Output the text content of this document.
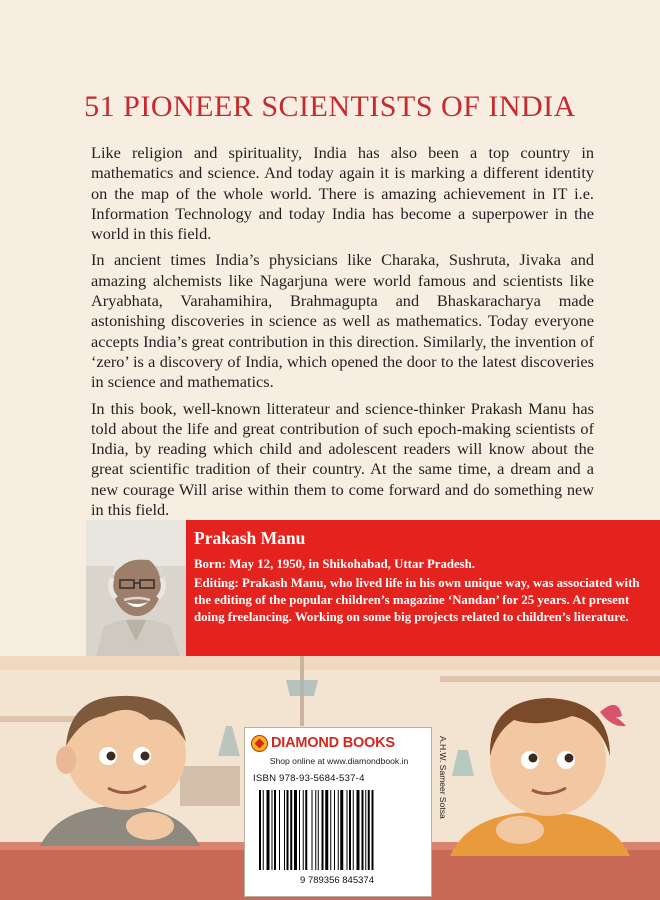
51 PIONEER SCIENTISTS OF INDIA

Like religion and spirituality, India has also been a top country in mathematics and science. And today again it is marking a different identity on the map of the whole world. There is amazing achievement in IT i.e. Information Technology and today India has become a superpower in the world in this field.

In ancient times India’s physicians like Charaka, Sushruta, Jivaka and amazing alchemists like Nagarjuna were world famous and scientists like Aryabhata, Varahamihira, Brahmagupta and Bhaskaracharya made astonishing discoveries in science as well as mathematics. Today everyone accepts India’s great contribution in this direction. Similarly, the invention of ‘zero’ is a discovery of India, which opened the door to the latest discoveries in science and mathematics.

In this book, well-known litterateur and science-thinker Prakash Manu has told about the life and great contribution of such epoch-making scientists of India, by reading which child and adolescent readers will know about the great scientific tradition of their country. At the same time, a dream and a new courage Will arise within them to come forward and do something new in this field.

Prakash Manu

Born: May 12, 1950, in Shikohabad, Uttar Pradesh.

Editing: Prakash Manu, who lived life in his own unique way, was associated with the editing of the popular children’s magazine ‘Nandan’ for 25 years. At present doing freelancing. Working on some big projects related to children’s literature.

DIAMOND BOOKS
Shop online at www.diamondbook.in
ISBN 978-93-5684-537-4
9 789356 845374
A.H.W. Sameer Sotsa
